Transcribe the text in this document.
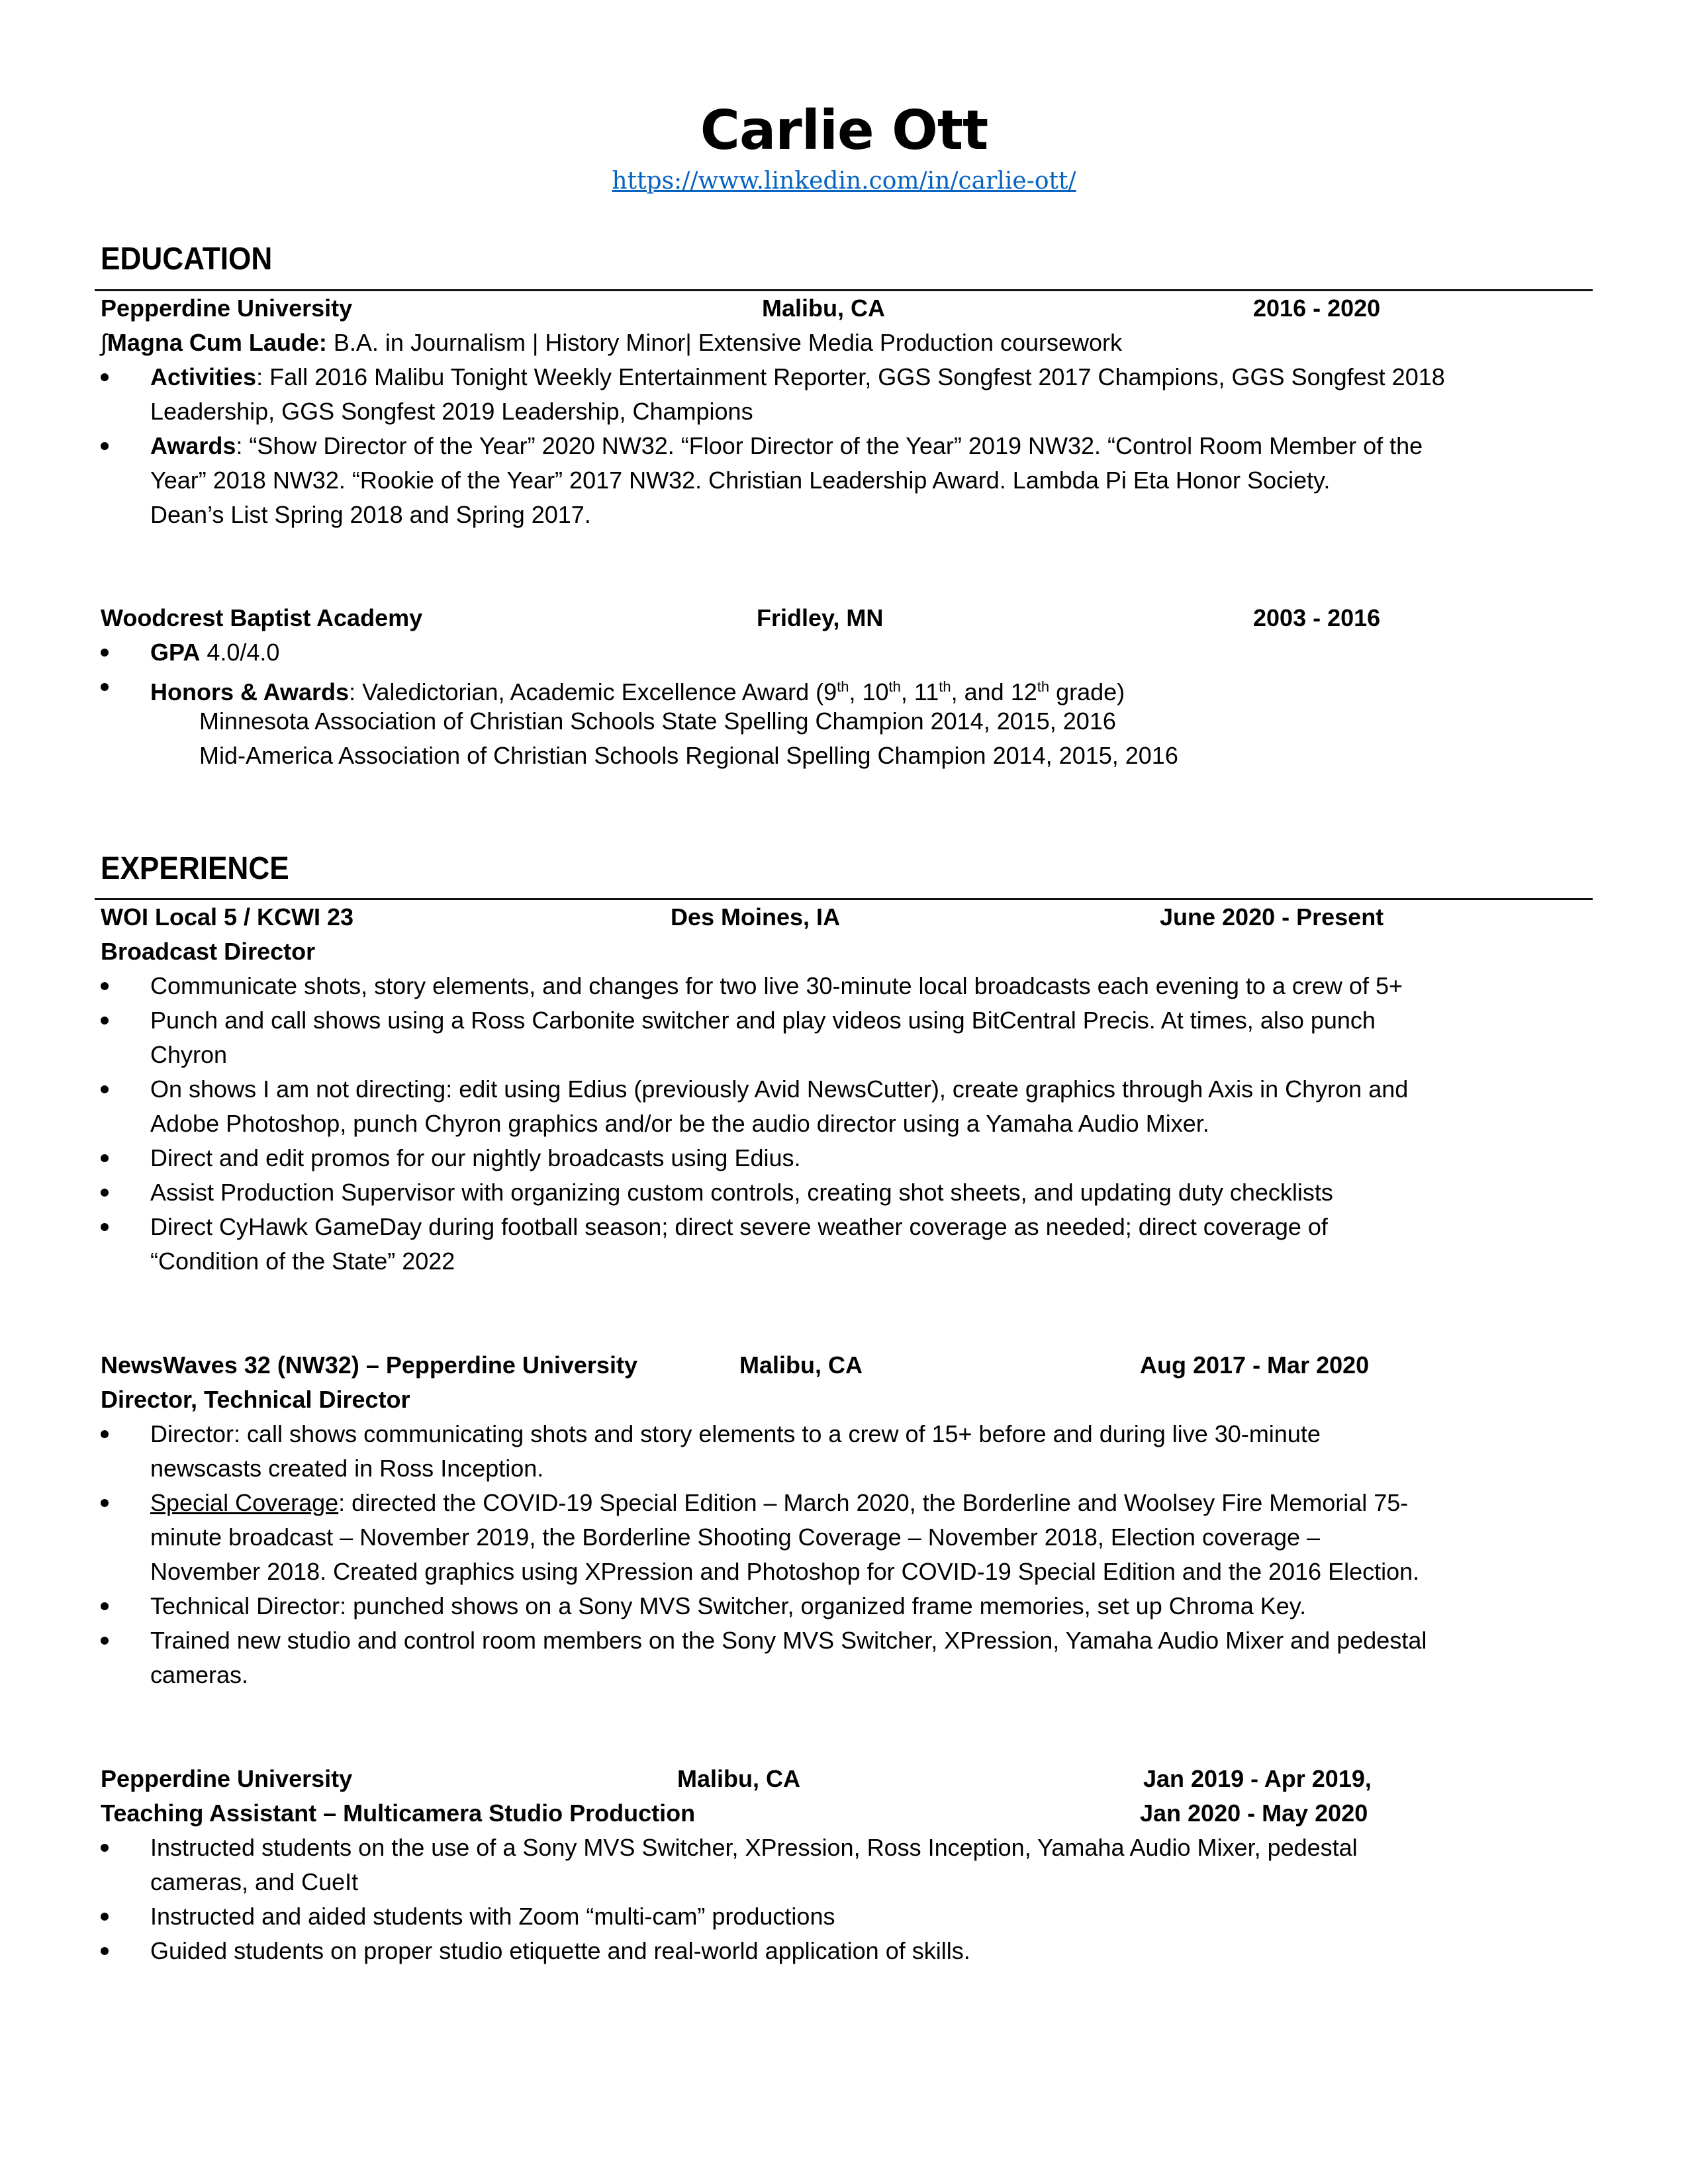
Carlie Ott
https://www.linkedin.com/in/carlie-ott/
EDUCATION
Pepperdine University	Malibu, CA	2016 - 2020
∫Magna Cum Laude: B.A. in Journalism | History Minor| Extensive Media Production coursework
Activities: Fall 2016 Malibu Tonight Weekly Entertainment Reporter, GGS Songfest 2017 Champions, GGS Songfest 2018
Leadership, GGS Songfest 2019 Leadership, Champions
Awards: “Show Director of the Year” 2020 NW32. “Floor Director of the Year” 2019 NW32. “Control Room Member of the
Year” 2018 NW32. “Rookie of the Year” 2017 NW32. Christian Leadership Award. Lambda Pi Eta Honor Society.
Dean’s List Spring 2018 and Spring 2017.
Woodcrest Baptist Academy	Fridley, MN	2003 - 2016
GPA 4.0/4.0
Honors & Awards: Valedictorian, Academic Excellence Award (9th, 10th, 11th, and 12th grade)
Minnesota Association of Christian Schools State Spelling Champion 2014, 2015, 2016
Mid-America Association of Christian Schools Regional Spelling Champion 2014, 2015, 2016
EXPERIENCE
WOI Local 5 / KCWI 23	Des Moines, IA	June 2020 - Present
Broadcast Director
Communicate shots, story elements, and changes for two live 30-minute local broadcasts each evening to a crew of 5+
Punch and call shows using a Ross Carbonite switcher and play videos using BitCentral Precis. At times, also punch
Chyron
On shows I am not directing: edit using Edius (previously Avid NewsCutter), create graphics through Axis in Chyron and
Adobe Photoshop, punch Chyron graphics and/or be the audio director using a Yamaha Audio Mixer.
Direct and edit promos for our nightly broadcasts using Edius.
Assist Production Supervisor with organizing custom controls, creating shot sheets, and updating duty checklists
Direct CyHawk GameDay during football season; direct severe weather coverage as needed; direct coverage of
“Condition of the State” 2022
NewsWaves 32 (NW32) – Pepperdine University	Malibu, CA	Aug 2017 - Mar 2020
Director, Technical Director
Director: call shows communicating shots and story elements to a crew of 15+ before and during live 30-minute
newscasts created in Ross Inception.
Special Coverage: directed the COVID-19 Special Edition – March 2020, the Borderline and Woolsey Fire Memorial 75-
minute broadcast – November 2019, the Borderline Shooting Coverage – November 2018, Election coverage –
November 2018. Created graphics using XPression and Photoshop for COVID-19 Special Edition and the 2016 Election.
Technical Director: punched shows on a Sony MVS Switcher, organized frame memories, set up Chroma Key.
Trained new studio and control room members on the Sony MVS Switcher, XPression, Yamaha Audio Mixer and pedestal
cameras.
Pepperdine University	Malibu, CA	Jan 2019 - Apr 2019,
Teaching Assistant – Multicamera Studio Production	Jan 2020 - May 2020
Instructed students on the use of a Sony MVS Switcher, XPression, Ross Inception, Yamaha Audio Mixer, pedestal
cameras, and CueIt
Instructed and aided students with Zoom “multi-cam” productions
Guided students on proper studio etiquette and real-world application of skills.
